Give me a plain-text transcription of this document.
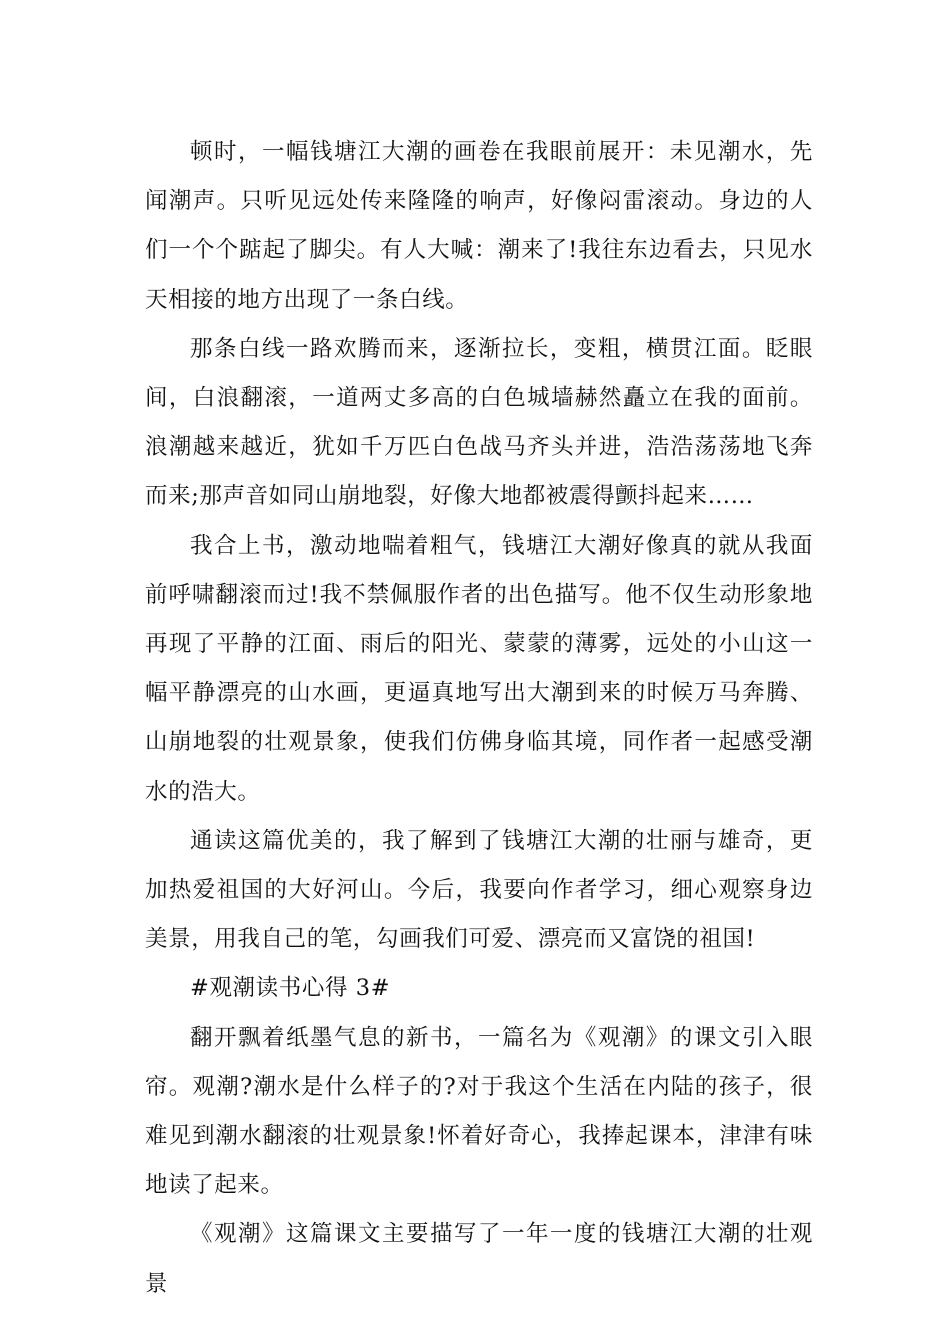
顿时，一幅钱塘江大潮的画卷在我眼前展开：未见潮水，先闻潮声。只听见远处传来隆隆的响声，好像闷雷滚动。身边的人们一个个踮起了脚尖。有人大喊：潮来了!我往东边看去，只见水天相接的地方出现了一条白线。

那条白线一路欢腾而来，逐渐拉长，变粗，横贯江面。眨眼间，白浪翻滚，一道两丈多高的白色城墙赫然矗立在我的面前。浪潮越来越近，犹如千万匹白色战马齐头并进，浩浩荡荡地飞奔而来;那声音如同山崩地裂，好像大地都被震得颤抖起来……

我合上书，激动地喘着粗气，钱塘江大潮好像真的就从我面前呼啸翻滚而过!我不禁佩服作者的出色描写。他不仅生动形象地再现了平静的江面、雨后的阳光、蒙蒙的薄雾，远处的小山这一幅平静漂亮的山水画，更逼真地写出大潮到来的时候万马奔腾、山崩地裂的壮观景象，使我们仿佛身临其境，同作者一起感受潮水的浩大。

通读这篇优美的，我了解到了钱塘江大潮的壮丽与雄奇，更加热爱祖国的大好河山。今后，我要向作者学习，细心观察身边美景，用我自己的笔，勾画我们可爱、漂亮而又富饶的祖国!

#观潮读书心得 3#

翻开飘着纸墨气息的新书，一篇名为《观潮》的课文引入眼帘。观潮?潮水是什么样子的?对于我这个生活在内陆的孩子，很难见到潮水翻滚的壮观景象!怀着好奇心，我捧起课本，津津有味地读了起来。

《观潮》这篇课文主要描写了一年一度的钱塘江大潮的壮观景
